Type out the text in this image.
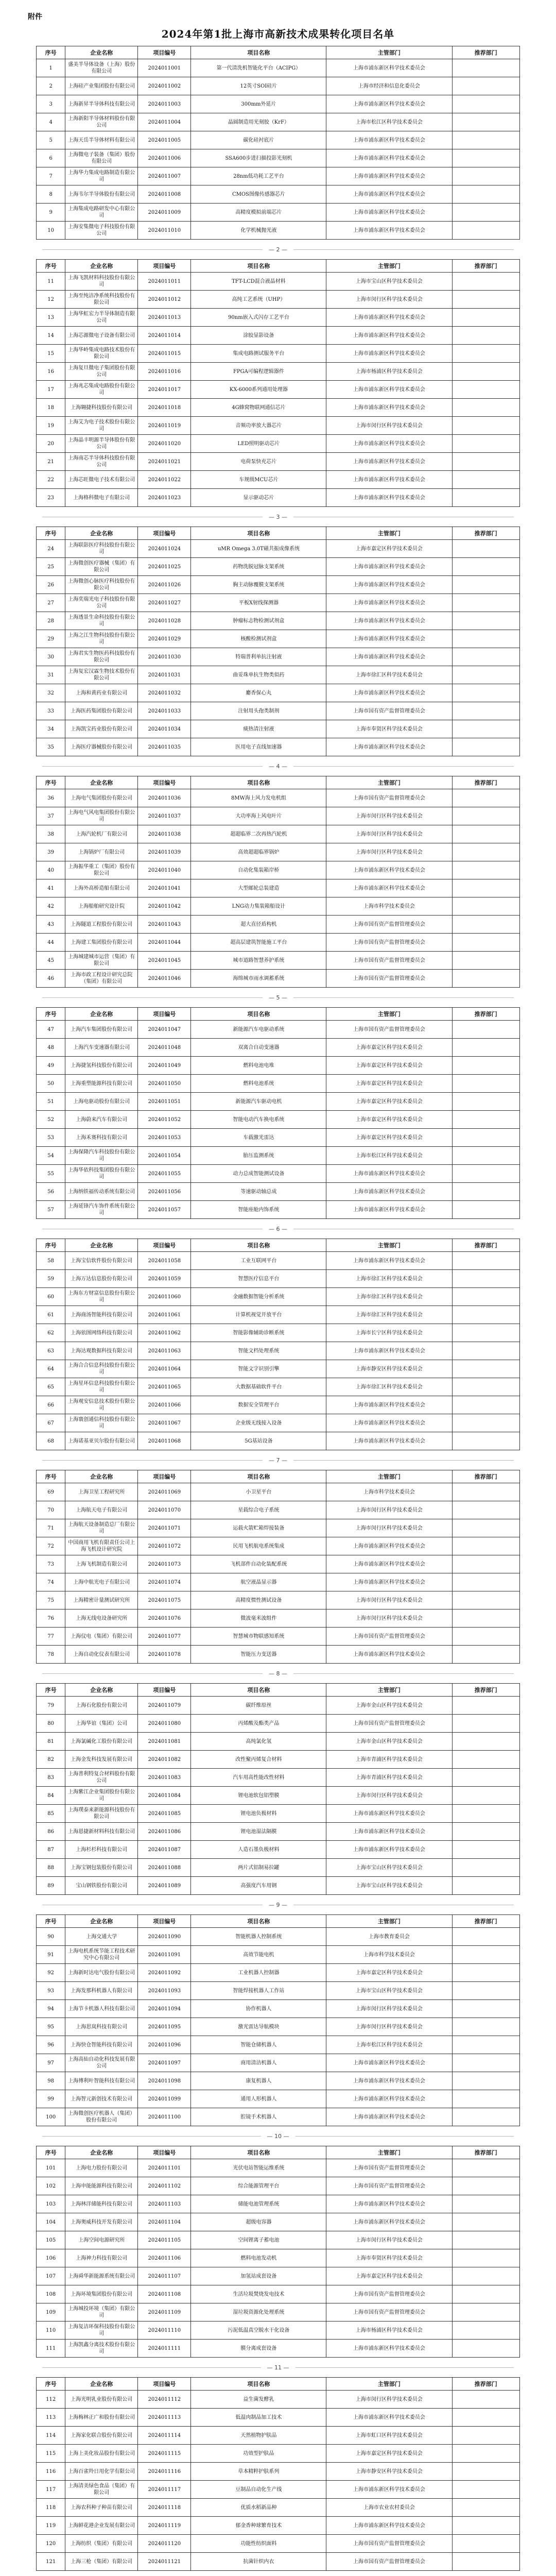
附件
2024年第1批上海市高新技术成果转化项目名单
序号	企业名称	项目编号	项目名称	主管部门	推荐部门
1	盛美半导体设备（上海）股份有限公司	2024011001	第一代清洗机智能化平台（ACIPG）	上海市浦东新区科学技术委员会	
2	上海硅产业集团股份有限公司	2024011002	12英寸SOI硅片	上海市经济和信息化委员会	
3	上海新昇半导体科技有限公司	2024011003	300mm外延片	上海市浦东新区科学技术委员会	
4	上海新阳半导体材料股份有限公司	2024011004	晶圆制造用光刻胶（KrF）	上海市松江区科学技术委员会	
5	上海天岳半导体材料有限公司	2024011005	碳化硅衬底片	上海市浦东新区科学技术委员会	
6	上海微电子装备（集团）股份有限公司	2024011006	SSA600步进扫描投影光刻机	上海市浦东新区科学技术委员会	
7	上海华力集成电路制造有限公司	2024011007	28nm低功耗工艺平台	上海市浦东新区科学技术委员会	
8	上海韦尔半导体股份有限公司	2024011008	CMOS图像传感器芯片	上海市浦东新区科学技术委员会	
9	上海集成电路研发中心有限公司	2024011009	高精度模拟前端芯片	上海市浦东新区科学技术委员会	
10	上海安集微电子科技股份有限公司	2024011010	化学机械抛光液	上海市浦东新区科学技术委员会	
— 2 —
序号	企业名称	项目编号	项目名称	主管部门	推荐部门
11	上海飞凯材料科技股份有限公司	2024011011	TFT-LCD混合液晶材料	上海市宝山区科学技术委员会	
12	上海至纯洁净系统科技股份有限公司	2024011012	高纯工艺系统（UHP）	上海市闵行区科学技术委员会	
13	上海华虹宏力半导体制造有限公司	2024011013	90nm嵌入式闪存工艺平台	上海市浦东新区科学技术委员会	
14	上海芯源微电子设备有限公司	2024011014	涂胶显影设备	上海市浦东新区科学技术委员会	
15	上海华岭集成电路技术股份有限公司	2024011015	集成电路测试服务平台	上海市浦东新区科学技术委员会	
16	上海复旦微电子集团股份有限公司	2024011016	FPGA可编程逻辑器件	上海市杨浦区科学技术委员会	
17	上海兆芯集成电路股份有限公司	2024011017	KX-6000系列通用处理器	上海市浦东新区科学技术委员会	
18	上海翱捷科技股份有限公司	2024011018	4G蜂窝物联网通信芯片	上海市浦东新区科学技术委员会	
19	上海艾为电子技术股份有限公司	2024011019	音频功率放大器芯片	上海市闵行区科学技术委员会	
20	上海晶丰明源半导体股份有限公司	2024011020	LED照明驱动芯片	上海市浦东新区科学技术委员会	
21	上海南芯半导体科技股份有限公司	2024011021	电荷泵快充芯片	上海市浦东新区科学技术委员会	
22	上海芯旺微电子技术有限公司	2024011022	车规级MCU芯片	上海市浦东新区科学技术委员会	
23	上海格科微电子有限公司	2024011023	显示驱动芯片	上海市浦东新区科学技术委员会	
— 3 —
序号	企业名称	项目编号	项目名称	主管部门	推荐部门
24	上海联影医疗科技股份有限公司	2024011024	uMR Omega 3.0T磁共振成像系统	上海市嘉定区科学技术委员会	
25	上海微创医疗器械（集团）有限公司	2024011025	药物洗脱冠脉支架系统	上海市浦东新区科学技术委员会	
26	上海微创心脉医疗科技股份有限公司	2024011026	胸主动脉覆膜支架系统	上海市浦东新区科学技术委员会	
27	上海奕瑞光电子科技股份有限公司	2024011027	平板X射线探测器	上海市浦东新区科学技术委员会	
28	上海透景生命科技股份有限公司	2024011028	肿瘤标志物检测试剂盒	上海市浦东新区科学技术委员会	
29	上海之江生物科技股份有限公司	2024011029	核酸检测试剂盒	上海市浦东新区科学技术委员会	
30	上海君实生物医药科技股份有限公司	2024011030	特瑞普利单抗注射液	上海市浦东新区科学技术委员会	
31	上海复宏汉霖生物技术股份有限公司	2024011031	曲妥珠单抗生物类似药	上海市徐汇区科学技术委员会	
32	上海和黄药业有限公司	2024011032	麝香保心丸	上海市浦东新区科学技术委员会	
33	上海医药集团股份有限公司	2024011033	注射用头孢类制剂	上海市国有资产监督管理委员会	
34	上海凯宝药业股份有限公司	2024011034	痰热清注射液	上海市奉贤区科学技术委员会	
35	上海医疗器械股份有限公司	2024011035	医用电子直线加速器	上海市浦东新区科学技术委员会	
— 4 —
序号	企业名称	项目编号	项目名称	主管部门	推荐部门
36	上海电气集团股份有限公司	2024011036	8MW海上风力发电机组	上海市国有资产监督管理委员会	
37	上海电气风电集团股份有限公司	2024011037	大功率海上风电叶片	上海市闵行区科学技术委员会	
38	上海汽轮机厂有限公司	2024011038	超超临界二次再热汽轮机	上海市闵行区科学技术委员会	
39	上海锅炉厂有限公司	2024011039	高效超超临界锅炉	上海市闵行区科学技术委员会	
40	上海振华重工（集团）股份有限公司	2024011040	自动化集装箱岸桥	上海市浦东新区科学技术委员会	
41	上海外高桥造船有限公司	2024011041	大型邮轮总装建造	上海市浦东新区科学技术委员会	
42	上海船舶研究设计院	2024011042	LNG动力集装箱船设计	上海市科学技术委员会	
43	上海隧道工程股份有限公司	2024011043	超大直径盾构机	上海市国有资产监督管理委员会	
44	上海建工集团股份有限公司	2024011044	超高层建筑智能施工平台	上海市国有资产监督管理委员会	
45	上海城建城市运营（集团）有限公司	2024011045	城市道路智慧养护系统	上海市国有资产监督管理委员会	
46	上海市政工程设计研究总院（集团）有限公司	2024011046	海绵城市雨水调蓄系统	上海市国有资产监督管理委员会	
— 5 —
序号	企业名称	项目编号	项目名称	主管部门	推荐部门
47	上海汽车集团股份有限公司	2024011047	新能源汽车电驱动系统	上海市国有资产监督管理委员会	
48	上海汽车变速器有限公司	2024011048	双离合自动变速器	上海市嘉定区科学技术委员会	
49	上海捷氢科技股份有限公司	2024011049	燃料电池电堆	上海市嘉定区科学技术委员会	
50	上海重塑能源科技有限公司	2024011050	燃料电池系统	上海市嘉定区科学技术委员会	
51	上海电驱动股份有限公司	2024011051	新能源汽车驱动电机	上海市嘉定区科学技术委员会	
52	上海蔚来汽车有限公司	2024011052	智能电动汽车换电系统	上海市嘉定区科学技术委员会	
53	上海禾赛科技有限公司	2024011053	车载激光雷达	上海市嘉定区科学技术委员会	
54	上海保隆汽车科技股份有限公司	2024011054	胎压监测系统	上海市松江区科学技术委员会	
55	上海华依科技集团股份有限公司	2024011055	动力总成智能测试设备	上海市浦东新区科学技术委员会	
56	上海纳铁福传动系统有限公司	2024011056	等速驱动轴总成	上海市浦东新区科学技术委员会	
57	上海延锋汽车饰件系统有限公司	2024011057	智能座舱内饰系统	上海市浦东新区科学技术委员会	
— 6 —
序号	企业名称	项目编号	项目名称	主管部门	推荐部门
58	上海宝信软件股份有限公司	2024011058	工业互联网平台	上海市浦东新区科学技术委员会	
59	上海万达信息股份有限公司	2024011059	智慧医疗信息平台	上海市徐汇区科学技术委员会	
60	上海东方财富信息股份有限公司	2024011060	金融数据智能分析系统	上海市徐汇区科学技术委员会	
61	上海商汤智能科技有限公司	2024011061	计算机视觉开放平台	上海市徐汇区科学技术委员会	
62	上海依图网络科技有限公司	2024011062	智能影像辅助诊断系统	上海市长宁区科学技术委员会	
63	上海达观数据科技有限公司	2024011063	智能文档处理系统	上海市浦东新区科学技术委员会	
64	上海合合信息科技股份有限公司	2024011064	智能文字识别引擎	上海市静安区科学技术委员会	
65	上海星环信息科技股份有限公司	2024011065	大数据基础软件平台	上海市徐汇区科学技术委员会	
66	上海观安信息技术股份有限公司	2024011066	数据安全管理平台	上海市浦东新区科学技术委员会	
67	上海寰创通信科技股份有限公司	2024011067	企业级无线接入设备	上海市浦东新区科学技术委员会	
68	上海诺基亚贝尔股份有限公司	2024011068	5G基站设备	上海市浦东新区科学技术委员会	
— 7 —
序号	企业名称	项目编号	项目名称	主管部门	推荐部门
69	上海卫星工程研究所	2024011069	小卫星平台	上海市科学技术委员会	
70	上海航天电子有限公司	2024011070	星载综合电子系统	上海市闵行区科学技术委员会	
71	上海航天设备制造总厂有限公司	2024011071	运载火箭贮箱焊接装备	上海市闵行区科学技术委员会	
72	中国商用飞机有限责任公司上海飞机设计研究院	2024011072	民用飞机航电系统集成	上海市浦东新区科学技术委员会	
73	上海飞机制造有限公司	2024011073	飞机部件自动化装配系统	上海市浦东新区科学技术委员会	
74	上海中航光电子有限公司	2024011074	航空液晶显示器	上海市浦东新区科学技术委员会	
75	上海精密计量测试研究所	2024011075	高精度惯性测试设备	上海市闵行区科学技术委员会	
76	上海无线电设备研究所	2024011076	微波毫米波组件	上海市闵行区科学技术委员会	
77	上海仪电（集团）有限公司	2024011077	智慧城市物联感知系统	上海市国有资产监督管理委员会	
78	上海自动化仪表有限公司	2024011078	智能压力变送器	上海市浦东新区科学技术委员会	
— 8 —
序号	企业名称	项目编号	项目名称	主管部门	推荐部门
79	上海石化股份有限公司	2024011079	碳纤维原丝	上海市金山区科学技术委员会	
80	上海华谊（集团）公司	2024011080	丙烯酸及酯类产品	上海市国有资产监督管理委员会	
81	上海氯碱化工股份有限公司	2024011081	高纯氯化氢	上海市金山区科学技术委员会	
82	上海金发科技发展有限公司	2024011082	改性聚丙烯复合材料	上海市青浦区科学技术委员会	
83	上海普利特复合材料股份有限公司	2024011083	汽车用高性能改性材料	上海市青浦区科学技术委员会	
84	上海紫江企业集团股份有限公司	2024011084	锂电池软包铝塑膜	上海市闵行区科学技术委员会	
85	上海璞泰来新能源科技股份有限公司	2024011085	锂电池负极材料	上海市浦东新区科学技术委员会	
86	上海恩捷新材料科技有限公司	2024011086	锂电池湿法隔膜	上海市浦东新区科学技术委员会	
87	上海杉杉科技有限公司	2024011087	人造石墨负极材料	上海市浦东新区科学技术委员会	
88	上海宝钢包装股份有限公司	2024011088	两片式铝制易拉罐	上海市宝山区科学技术委员会	
89	宝山钢铁股份有限公司	2024011089	高强度汽车用钢	上海市宝山区科学技术委员会	
— 9 —
序号	企业名称	项目编号	项目名称	主管部门	推荐部门
90	上海交通大学	2024011090	智能机器人控制系统	上海市教育委员会	
91	上海电机系统节能工程技术研究中心有限公司	2024011091	高效节能电机	上海市科学技术委员会	
92	上海新时达电气股份有限公司	2024011092	工业机器人控制器	上海市嘉定区科学技术委员会	
93	上海发那科机器人有限公司	2024011093	智能焊接机器人工作站	上海市宝山区科学技术委员会	
94	上海节卡机器人科技有限公司	2024011094	协作机器人	上海市闵行区科学技术委员会	
95	上海思岚科技有限公司	2024011095	激光雷达导航模块	上海市闵行区科学技术委员会	
96	上海快仓智能科技有限公司	2024011096	智能仓储机器人	上海市松江区科学技术委员会	
97	上海高仙自动化科技发展有限公司	2024011097	商用清洁机器人	上海市浦东新区科学技术委员会	
98	上海傅利叶智能科技有限公司	2024011098	康复机器人	上海市浦东新区科学技术委员会	
99	上海智元新创技术有限公司	2024011099	通用人形机器人	上海市浦东新区科学技术委员会	
100	上海微创医疗机器人（集团）股份有限公司	2024011100	腔镜手术机器人	上海市浦东新区科学技术委员会	
— 10 —
序号	企业名称	项目编号	项目名称	主管部门	推荐部门
101	上海电力股份有限公司	2024011101	光伏电站智能运维系统	上海市国有资产监督管理委员会	
102	上海申能能源科技有限公司	2024011102	综合能源管理平台	上海市国有资产监督管理委员会	
103	上海林洋储能科技有限公司	2024011103	储能电池管理系统	上海市浦东新区科学技术委员会	
104	上海奥威科技开发有限公司	2024011104	超级电容器	上海市浦东新区科学技术委员会	
105	上海空间电源研究所	2024011105	空间锂离子蓄电池	上海市闵行区科学技术委员会	
106	上海神力科技有限公司	2024011106	燃料电池发动机	上海市奉贤区科学技术委员会	
107	上海舜华新能源系统有限公司	2024011107	加氢站成套设备	上海市嘉定区科学技术委员会	
108	上海环境集团股份有限公司	2024011108	生活垃圾焚烧发电技术	上海市国有资产监督管理委员会	
109	上海城投环境（集团）有限公司	2024011109	湿垃圾资源化处理系统	上海市国有资产监督管理委员会	
110	上海复洁环保科技股份有限公司	2024011110	污泥低温真空脱水干化设备	上海市杨浦区科学技术委员会	
111	上海凯鑫分离技术股份有限公司	2024011111	膜分离成套设备	上海市浦东新区科学技术委员会	
— 11 —
序号	企业名称	项目编号	项目名称	主管部门	推荐部门
112	上海光明乳业股份有限公司	2024011112	益生菌发酵乳	上海市闵行区科学技术委员会	
113	上海梅林正广和股份有限公司	2024011113	低温肉制品加工技术	上海市浦东新区科学技术委员会	
114	上海家化联合股份有限公司	2024011114	天然植物护肤品	上海市虹口区科学技术委员会	
115	上海上美化妆品股份有限公司	2024011115	功效型护肤品	上海市嘉定区科学技术委员会	
116	上海百雀羚日用化学有限公司	2024011116	草本精粹护肤系列	上海市静安区科学技术委员会	
117	上海清美绿色食品（集团）有限公司	2024011117	豆制品自动化生产线	上海市浦东新区科学技术委员会	
118	上海农科种子种苗有限公司	2024011118	优质水稻新品种	上海市农业农村委员会	
119	上海鲜花港企业发展有限公司	2024011119	郁金香种球繁育技术	上海市浦东新区科学技术委员会	
120	上海纺织（集团）有限公司	2024011120	功能性纺织面料	上海市国有资产监督管理委员会	
121	上海三枪（集团）有限公司	2024011121	抗菌针织内衣	上海市国有资产监督管理委员会	
